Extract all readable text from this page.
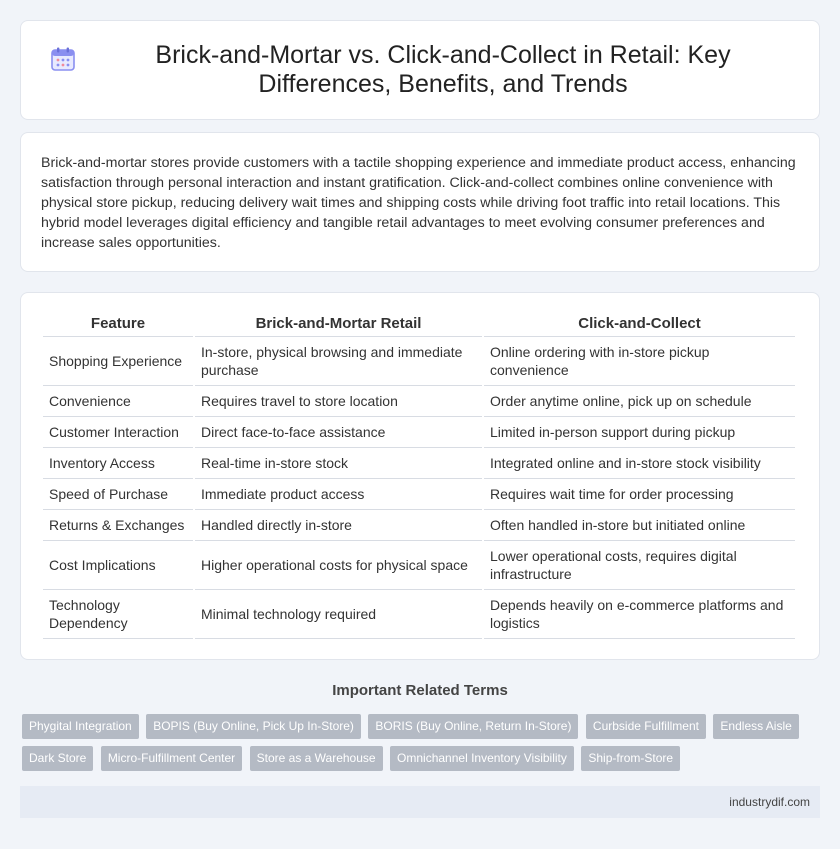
Brick-and-Mortar vs. Click-and-Collect in Retail: Key Differences, Benefits, and Trends

Brick-and-mortar stores provide customers with a tactile shopping experience and immediate product access, enhancing satisfaction through personal interaction and instant gratification. Click-and-collect combines online convenience with physical store pickup, reducing delivery wait times and shipping costs while driving foot traffic into retail locations. This hybrid model leverages digital efficiency and tangible retail advantages to meet evolving consumer preferences and increase sales opportunities.

Feature	Brick-and-Mortar Retail	Click-and-Collect
Shopping Experience	In-store, physical browsing and immediate purchase	Online ordering with in-store pickup convenience
Convenience	Requires travel to store location	Order anytime online, pick up on schedule
Customer Interaction	Direct face-to-face assistance	Limited in-person support during pickup
Inventory Access	Real-time in-store stock	Integrated online and in-store stock visibility
Speed of Purchase	Immediate product access	Requires wait time for order processing
Returns & Exchanges	Handled directly in-store	Often handled in-store but initiated online
Cost Implications	Higher operational costs for physical space	Lower operational costs, requires digital infrastructure
Technology Dependency	Minimal technology required	Depends heavily on e-commerce platforms and logistics
Important Related Terms
Phygital Integration BOPIS (Buy Online, Pick Up In-Store) BORIS (Buy Online, Return In-Store) Curbside Fulfillment Endless Aisle
Dark Store Micro-Fulfillment Center Store as a Warehouse Omnichannel Inventory Visibility Ship-from-Store
industrydif.com
